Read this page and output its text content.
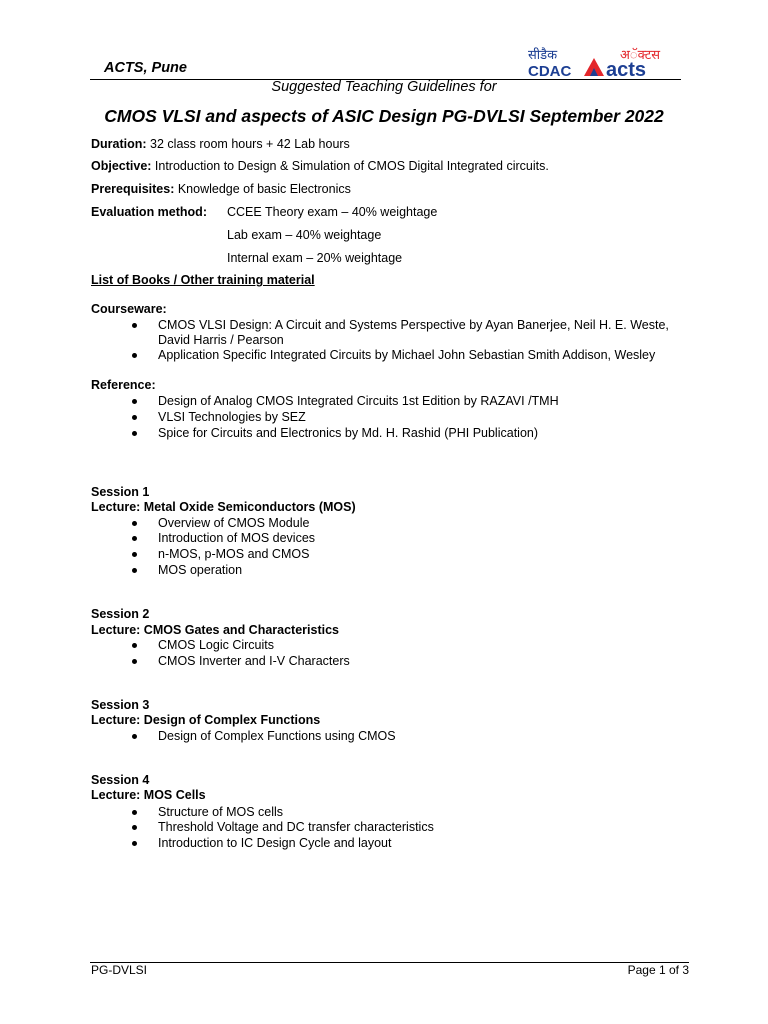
ACTS, Pune
सीडैक	अॅक्टस
CDAC acts
Suggested Teaching Guidelines for
CMOS VLSI and aspects of ASIC Design PG-DVLSI September 2022
Duration: 32 class room hours + 42 Lab hours
Objective: Introduction to Design & Simulation of CMOS Digital Integrated circuits.
Prerequisites: Knowledge of basic Electronics
Evaluation method: CCEE Theory exam – 40% weightage
Lab exam – 40% weightage
Internal exam – 20% weightage
List of Books / Other training material
Courseware:
CMOS VLSI Design: A Circuit and Systems Perspective by Ayan Banerjee, Neil H. E. Weste,
David Harris / Pearson
Application Specific Integrated Circuits by Michael John Sebastian Smith Addison, Wesley
Reference:
Design of Analog CMOS Integrated Circuits 1st Edition by RAZAVI /TMH
VLSI Technologies by SEZ
Spice for Circuits and Electronics by Md. H. Rashid (PHI Publication)
Session 1
Lecture: Metal Oxide Semiconductors (MOS)
Overview of CMOS Module
Introduction of MOS devices
n-MOS, p-MOS and CMOS
MOS operation
Session 2
Lecture: CMOS Gates and Characteristics
CMOS Logic Circuits
CMOS Inverter and I-V Characters
Session 3
Lecture: Design of Complex Functions
Design of Complex Functions using CMOS
Session 4
Lecture: MOS Cells
Structure of MOS cells
Threshold Voltage and DC transfer characteristics
Introduction to IC Design Cycle and layout
PG-DVLSI	Page 1 of 3
